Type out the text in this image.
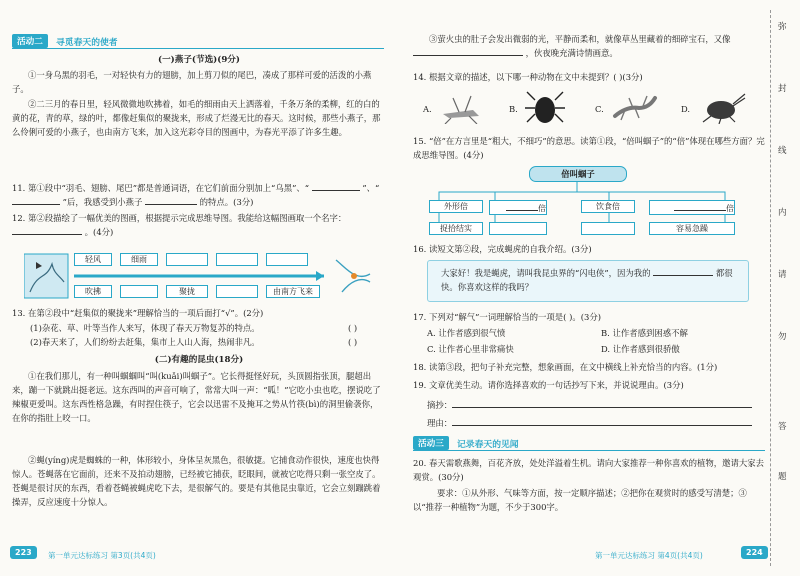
活动二	寻觅春天的使者
(一)燕子(节选)(9分)
①一身乌黑的羽毛，一对轻快有力的翅膀，加上剪刀似的尾巴，凑成了那样可爱的活泼的小燕子。
②二三月的春日里，轻风微微地吹拂着，如毛的细雨由天上洒落着，千条万条的柔柳，红的白的黄的花，青的草，绿的叶，都像赶集似的聚拢来，形成了烂漫无比的春天。这时候，那些小燕子，那么伶俐可爱的小燕子，也由南方飞来，加入这光彩夺目的图画中，为春光平添了许多生趣。
11. 第①段中“羽毛、翅膀、尾巴”都是普通词语，在它们前面分别加上“乌黑”、“	”、“  ”后，我感受到小燕子	的特点。(3分)
12. 第②段描绘了一幅优美的图画，根据提示完成思维导图。我能给这幅图画取一个名字：  。(4分)
轻风	细雨
吹拂	聚拢	由南方飞来
13. 在第②段中“赶集似的聚拢来”理解恰当的一项后面打“√”。(2分)
(1)杂花、草、叶等当作人来写，体现了春天万物复苏的特点。	( )
(2)春天来了，人们纷纷去赶集，集市上人山人海，热闹非凡。	( )
(二)有趣的昆虫(18分)
①在我们那儿，有一种叫蝈蝈叫“叫(kuǎi)叫蝈子”。它长得挺怪好玩，头顶圆指张顶，腿超出来，蹦一下就跳出挺老远。这东西叫的声音可响了，常常大叫一声：“呱！”它吃小虫也吃，摆说吃了辣椒更爱叫。这东西性格急躁，有时捏住筷子，它会以迅雷不及掩耳之势从竹筷(bì)的洞里偷袭你，在你的指肚上咬一口。
②蝇(yíng)虎是蜘蛛的一种，体形较小，身体呈灰黑色，很敏捷。它捕食动作很快，速度也快得惊人。苍蝇落在它面前，还来不及拍动翅膀，已经被它捕获，眨眼间，就被它吃得只剩一张空皮了。苍蝇是很讨厌的东西，看着苍蝇被蝇虎吃下去，是很解气的。要是有其他昆虫靠近，它会立刻蹦跳着操弄，反应速度十分惊人。
223	第一单元达标练习 第3页(共4页)
③萤火虫的肚子会发出微弱的光，平静而柔和，就像草丛里藏着的细碎宝石，又像  ，伙夜晚充满诗情画意。
14. 根据文章的描述，以下哪一种动物在文中未提到？( )(3分)
A.	B.	C.	D.
15. “倍”在方言里是“粗大，不细巧”的意思。读第①段，“倍叫蝈子”的“倍”体现在哪些方面？完成思维导图。(4分)
倍叫蝈子
外形倍	倍	饮食倍	倍
捉拾结实	容易急躁
16. 读短文第②段，完成蝇虎的自我介绍。(3分)
大家好！我是蝇虎，请叫我昆虫界的“闪电侠”，因为我的	都很快。你喜欢这样的我吗？
17. 下列对“解气”一词理解恰当的一项是( )。(3分)
A. 让作者感到很气愤	B. 让作者感到困惑不解
C. 让作者心里非常痛快	D. 让作者感到很骄傲
18. 读第③段，把句子补充完整，想象画面，在文中横线上补充恰当的内容。(1分)
19. 文章优美生动。请你选择喜欢的一句话抄写下来，并说说理由。(3分)
摘抄：
理由：
活动三	记录春天的见闻
20. 春天需歌燕舞，百花齐放，处处洋溢着生机。请向大家推荐一种你喜欢的植物，邀请大家去观赏。(30分)
要求：①从外形、气味等方面，按一定顺序描述；②把你在观赏时的感受写清楚；③以“推荐一种植物”为题，不少于300字。
第一单元达标练习 第4页(共4页)	224
弥
封
线
内
请
勿
答
题
